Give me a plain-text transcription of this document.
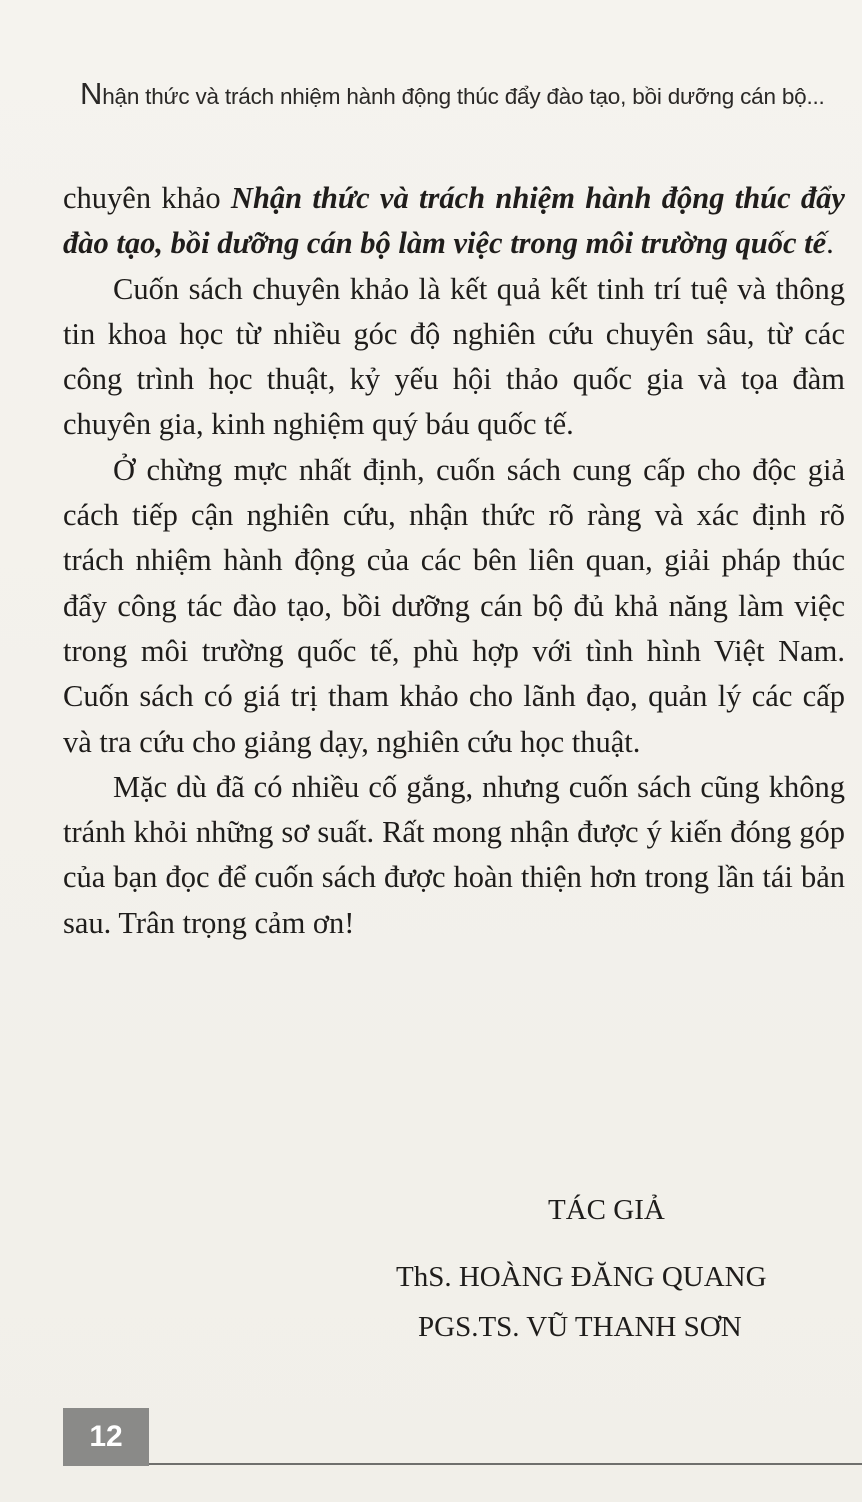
Nhận thức và trách nhiệm hành động thúc đẩy đào tạo, bồi dưỡng cán bộ...

chuyên khảo Nhận thức và trách nhiệm hành động thúc đẩy đào tạo, bồi dưỡng cán bộ làm việc trong môi trường quốc tế.

Cuốn sách chuyên khảo là kết quả kết tinh trí tuệ và thông tin khoa học từ nhiều góc độ nghiên cứu chuyên sâu, từ các công trình học thuật, kỷ yếu hội thảo quốc gia và tọa đàm chuyên gia, kinh nghiệm quý báu quốc tế.

Ở chừng mực nhất định, cuốn sách cung cấp cho độc giả cách tiếp cận nghiên cứu, nhận thức rõ ràng và xác định rõ trách nhiệm hành động của các bên liên quan, giải pháp thúc đẩy công tác đào tạo, bồi dưỡng cán bộ đủ khả năng làm việc trong môi trường quốc tế, phù hợp với tình hình Việt Nam. Cuốn sách có giá trị tham khảo cho lãnh đạo, quản lý các cấp và tra cứu cho giảng dạy, nghiên cứu học thuật.

Mặc dù đã có nhiều cố gắng, nhưng cuốn sách cũng không tránh khỏi những sơ suất. Rất mong nhận được ý kiến đóng góp của bạn đọc để cuốn sách được hoàn thiện hơn trong lần tái bản sau. Trân trọng cảm ơn!

TÁC GIẢ
ThS. HOÀNG ĐĂNG QUANG
PGS.TS. VŨ THANH SƠN
12
